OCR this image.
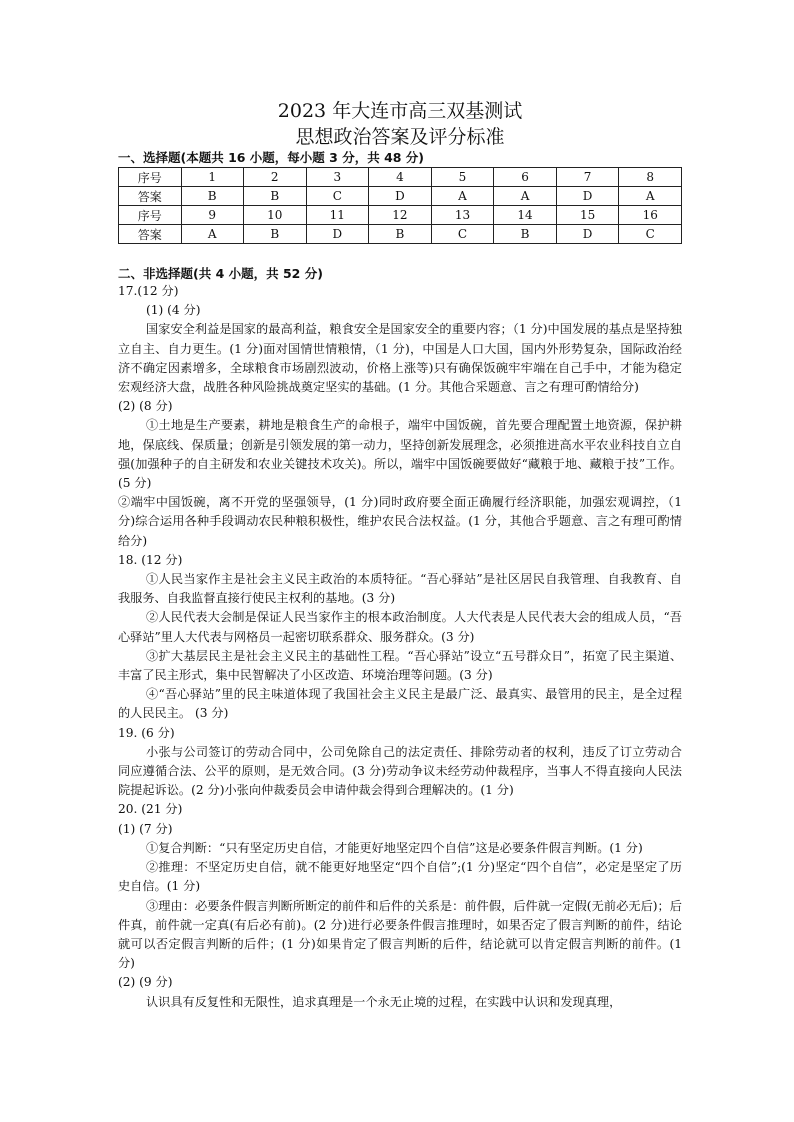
2023 年大连市高三双基测试
思想政治答案及评分标准

一、选择题(本题共 16 小题，每小题 3 分，共 48 分)

序号	1	2	3	4	5	6	7	8
答案	B	B	C	D	A	A	D	A
序号	9	10	11	12	13	14	15	16
答案	A	B	D	B	C	B	D	C

二、非选择题(共 4 小题，共 52 分)

17.(12 分)

(1) (4 分)

国家安全利益是国家的最高利益，粮食安全是国家安全的重要内容；（1 分)中国发展的基点是坚持独立自主、自力更生。(1 分)面对国情世情粮情，（1 分)，中国是人口大国，国内外形势复杂，国际政治经济不确定因素增多，全球粮食市场剧烈波动，价格上涨等)只有确保饭碗牢牢端在自己手中，才能为稳定宏观经济大盘，战胜各种风险挑战奠定坚实的基础。(1 分。其他合采题意、言之有理可酌情给分)

(2) (8 分)

①土地是生产要素，耕地是粮食生产的命根子，端牢中国饭碗，首先要合理配置土地资源，保护耕地，保底线、保质量；创新是引领发展的第一动力，坚持创新发展理念，必须推进高水平农业科技自立自强(加强种子的自主研发和农业关键技术攻关)。所以，端牢中国饭碗要做好“藏粮于地、藏粮于技”工作。(5 分)

②端牢中国饭碗，离不开党的坚强领导，(1 分)同时政府要全面正确履行经济职能，加强宏观调控，（1 分)综合运用各种手段调动农民种粮积极性，维护农民合法权益。(1 分，其他合乎题意、言之有理可酌情给分)

18. (12 分)

①人民当家作主是社会主义民主政治的本质特征。“吾心驿站”是社区居民自我管理、自我教育、自我服务、自我监督直接行使民主权利的基地。(3 分)

②人民代表大会制是保证人民当家作主的根本政治制度。人大代表是人民代表大会的组成人员，“吾心驿站”里人大代表与网格员一起密切联系群众、服务群众。(3 分)

③扩大基层民主是社会主义民主的基础性工程。“吾心驿站”设立“五号群众日”，拓宽了民主渠道、丰富了民主形式，集中民智解决了小区改造、环境治理等问题。(3 分)

④“吾心驿站”里的民主味道体现了我国社会主义民主是最广泛、最真实、最管用的民主，是全过程的人民民主。 (3 分)

19. (6 分)

小张与公司签订的劳动合同中，公司免除自己的法定责任、排除劳动者的权利，违反了订立劳动合同应遵循合法、公平的原则，是无效合同。(3 分)劳动争议未经劳动仲裁程序，当事人不得直接向人民法院提起诉讼。(2 分)小张向仲裁委员会申请仲裁会得到合理解决的。(1 分)

20. (21 分)

(1) (7 分)

①复合判断：“只有坚定历史自信，才能更好地坚定四个自信”这是必要条件假言判断。(1 分)

②推理：不坚定历史自信，就不能更好地坚定“四个自信”;(1 分)坚定“四个自信”，必定是坚定了历史自信。(1 分)

③理由：必要条件假言判断所断定的前件和后件的关系是：前件假，后件就一定假(无前必无后)；后件真，前件就一定真(有后必有前)。(2 分)进行必要条件假言推理时，如果否定了假言判断的前件，结论就可以否定假言判断的后件；(1 分)如果肯定了假言判断的后件，结论就可以肯定假言判断的前件。(1 分)

(2) (9 分)

认识具有反复性和无限性，追求真理是一个永无止境的过程，在实践中认识和发现真理，
